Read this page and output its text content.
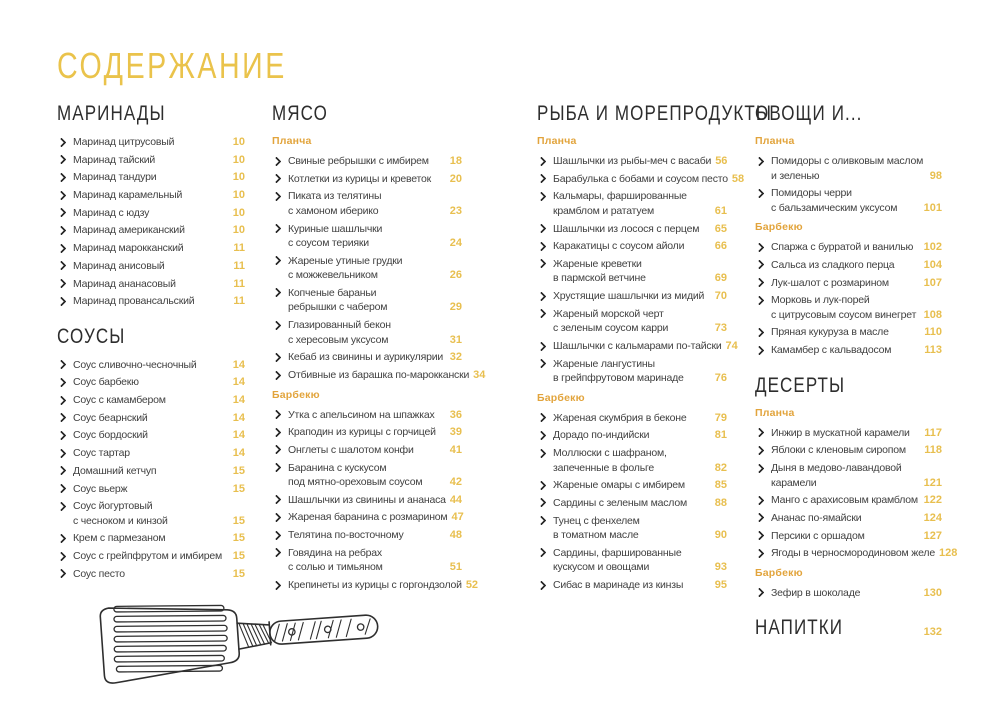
СОДЕРЖАНИЕ
МАРИНАДЫ
Маринад цитрусовый	10
Маринад тайский	10
Маринад тандури	10
Маринад карамельный	10
Маринад с юдзу	10
Маринад американский	10
Маринад марокканский	11
Маринад анисовый	11
Маринад ананасовый	11
Маринад провансальский	11
СОУСЫ
Соус сливочно-чесночный	14
Соус барбекю	14
Соус с камамбером	14
Соус беарнский	14
Соус бордоский	14
Соус тартар	14
Домашний кетчуп	15
Соус вьерж	15
Соус йогуртовый
с чесноком и кинзой	15
Крем с пармезаном	15
Соус с грейпфрутом и имбирем 15
Соус песто	15
МЯСО
Планча
Свиные ребрышки с имбирем	18
Котлетки из курицы и креветок	20
Пиката из телятины
с хамоном иберико	23
Куриные шашлычки
с соусом терияки	24
Жареные утиные грудки
с можжевельником	26
Копченые бараньи
ребрышки с чабером	29
Глазированный бекон
с хересовым уксусом	31
Кебаб из свинины и аурикулярии 32
Отбивные из барашка по-мароккански 34
Барбекю
Утка с апельсином на шпажках	36
Краподин из курицы с горчицей	39
Онглеты с шалотом конфи	41
Баранина с кускусом
под мятно-ореховым соусом	42
Шашлычки из свинины и ананаса 44
Жареная баранина с розмарином 47
Телятина по-восточному	48
Говядина на ребрах
с солью и тимьяном	51
Крепинеты из курицы с горгондзолой 52
РЫБА И МОРЕПРОДУКТЫ
Планча
Шашлычки из рыбы-меч с васаби 56
Барабулька с бобами и соусом песто 58
Кальмары, фаршированные
крамблом и рататуем	61
Шашлычки из лосося с перцем	65
Каракатицы с соусом айоли	66
Жареные креветки
в пармской ветчине	69
Хрустящие шашлычки из мидий 70
Жареный морской черт
с зеленым соусом карри	73
Шашлычки с кальмарами по-тайски 74
Жареные лангустины
в грейпфрутовом маринаде	76
Барбекю
Жареная скумбрия в беконе	79
Дорадо по-индийски	81
Моллюски с шафраном,
запеченные в фольге	82
Жареные омары с имбирем	85
Сардины с зеленым маслом	88
Тунец с фенхелем
в томатном масле	90
Сардины, фаршированные
кускусом и овощами	93
Сибас в маринаде из кинзы	95
ОВОЩИ И...
Планча
Помидоры с оливковым маслом
и зеленью	98
Помидоры черри
с бальзамическим уксусом	101
Барбекю
Спаржа с бурратой и ванилью 102
Сальса из сладкого перца	104
Лук-шалот с розмарином	107
Морковь и лук-порей
с цитрусовым соусом винегрет 108
Пряная кукуруза в масле	110
Камамбер с кальвадосом	113
ДЕСЕРТЫ
Планча
Инжир в мускатной карамели	117
Яблоки с кленовым сиропом	118
Дыня в медово-лавандовой
карамели	121
Манго с арахисовым крамблом 122
Ананас по-ямайски	124
Персики с оршадом	127
Ягоды в черносмородиновом желе 128
Барбекю
Зефир в шоколаде	130
НАПИТКИ	132
